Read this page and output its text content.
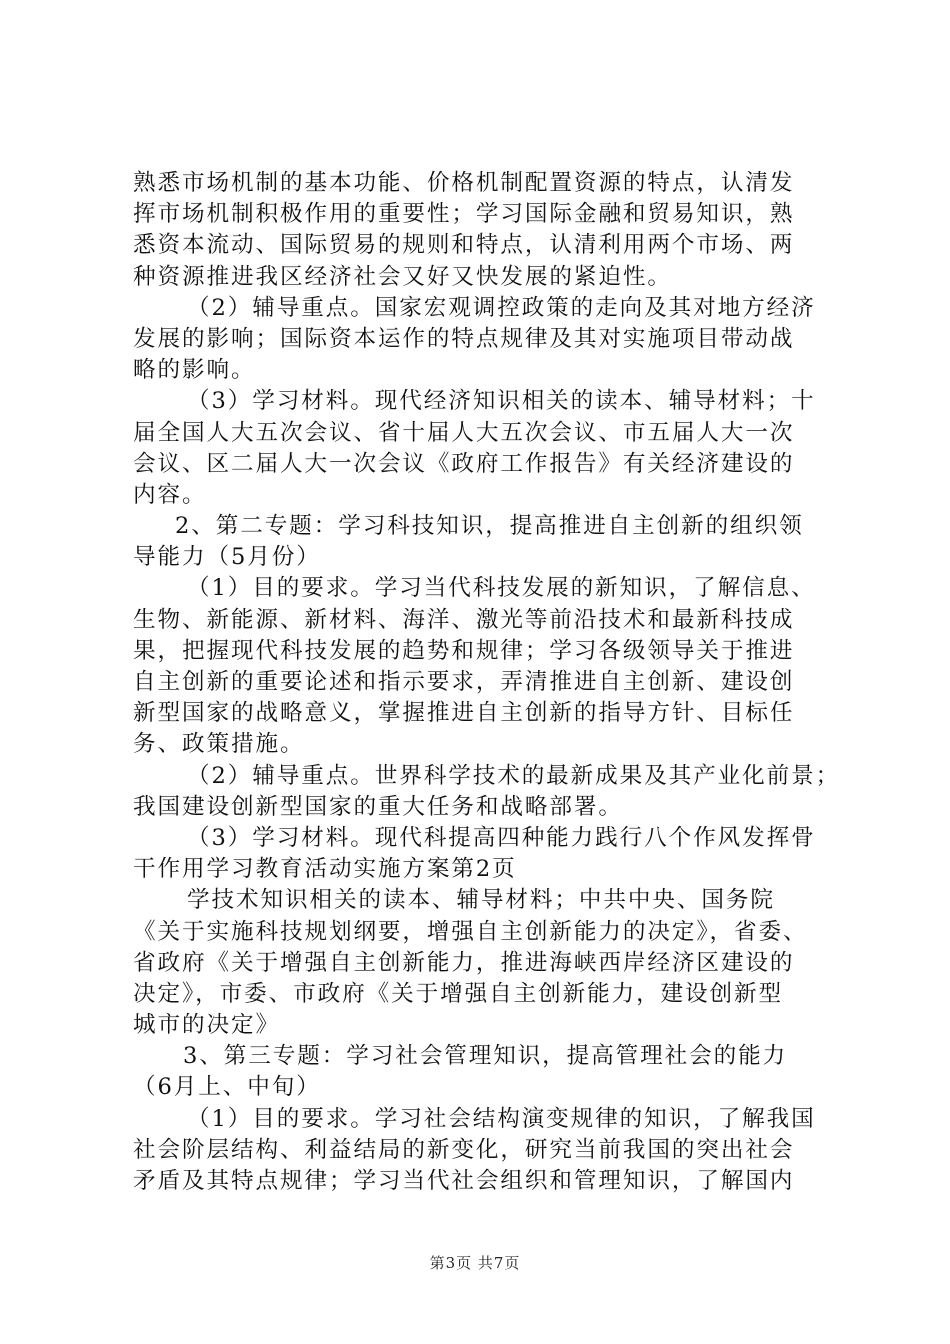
熟悉市场机制的基本功能、价格机制配置资源的特点，认清发
挥市场机制积极作用的重要性；学习国际金融和贸易知识，熟
悉资本流动、国际贸易的规则和特点，认清利用两个市场、两
种资源推进我区经济社会又好又快发展的紧迫性。
（2）辅导重点。国家宏观调控政策的走向及其对地方经济
发展的影响；国际资本运作的特点规律及其对实施项目带动战
略的影响。
（3）学习材料。现代经济知识相关的读本、辅导材料；十
届全国人大五次会议、省十届人大五次会议、市五届人大一次
会议、区二届人大一次会议《政府工作报告》有关经济建设的
内容。
2、第二专题：学习科技知识，提高推进自主创新的组织领
导能力（5月份）
（1）目的要求。学习当代科技发展的新知识，了解信息、
生物、新能源、新材料、海洋、激光等前沿技术和最新科技成
果，把握现代科技发展的趋势和规律；学习各级领导关于推进
自主创新的重要论述和指示要求，弄清推进自主创新、建设创
新型国家的战略意义，掌握推进自主创新的指导方针、目标任
务、政策措施。
（2）辅导重点。世界科学技术的最新成果及其产业化前景；
我国建设创新型国家的重大任务和战略部署。
（3）学习材料。现代科提高四种能力践行八个作风发挥骨
干作用学习教育活动实施方案第2页
学技术知识相关的读本、辅导材料；中共中央、国务院
《关于实施科技规划纲要，增强自主创新能力的决定》，省委、
省政府《关于增强自主创新能力，推进海峡西岸经济区建设的
决定》，市委、市政府《关于增强自主创新能力，建设创新型
城市的决定》
3、第三专题：学习社会管理知识，提高管理社会的能力
（6月上、中旬）
（1）目的要求。学习社会结构演变规律的知识，了解我国
社会阶层结构、利益结局的新变化，研究当前我国的突出社会
矛盾及其特点规律；学习当代社会组织和管理知识，了解国内
第3页 共7页
